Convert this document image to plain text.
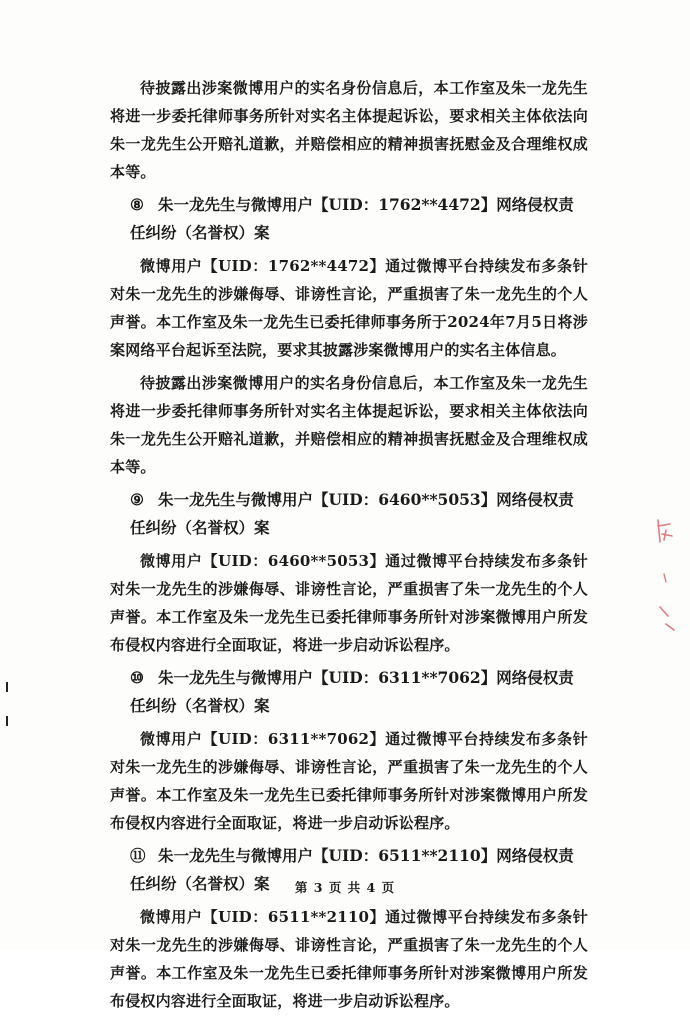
待披露出涉案微博用户的实名身份信息后，本工作室及朱一龙先生将进一步委托律师事务所针对实名主体提起诉讼，要求相关主体依法向朱一龙先生公开赔礼道歉，并赔偿相应的精神损害抚慰金及合理维权成本等。

⑧ 朱一龙先生与微博用户【UID：1762**4472】网络侵权责任纠纷（名誉权）案

微博用户【UID：1762**4472】通过微博平台持续发布多条针对朱一龙先生的涉嫌侮辱、诽谤性言论，严重损害了朱一龙先生的个人声誉。本工作室及朱一龙先生已委托律师事务所于2024年7月5日将涉案网络平台起诉至法院，要求其披露涉案微博用户的实名主体信息。

待披露出涉案微博用户的实名身份信息后，本工作室及朱一龙先生将进一步委托律师事务所针对实名主体提起诉讼，要求相关主体依法向朱一龙先生公开赔礼道歉，并赔偿相应的精神损害抚慰金及合理维权成本等。

⑨ 朱一龙先生与微博用户【UID：6460**5053】网络侵权责任纠纷（名誉权）案

微博用户【UID：6460**5053】通过微博平台持续发布多条针对朱一龙先生的涉嫌侮辱、诽谤性言论，严重损害了朱一龙先生的个人声誉。本工作室及朱一龙先生已委托律师事务所针对涉案微博用户所发布侵权内容进行全面取证，将进一步启动诉讼程序。

⑩ 朱一龙先生与微博用户【UID：6311**7062】网络侵权责任纠纷（名誉权）案

微博用户【UID：6311**7062】通过微博平台持续发布多条针对朱一龙先生的涉嫌侮辱、诽谤性言论，严重损害了朱一龙先生的个人声誉。本工作室及朱一龙先生已委托律师事务所针对涉案微博用户所发布侵权内容进行全面取证，将进一步启动诉讼程序。

⑪ 朱一龙先生与微博用户【UID：6511**2110】网络侵权责任纠纷（名誉权）案

微博用户【UID：6511**2110】通过微博平台持续发布多条针对朱一龙先生的涉嫌侮辱、诽谤性言论，严重损害了朱一龙先生的个人声誉。本工作室及朱一龙先生已委托律师事务所针对涉案微博用户所发布侵权内容进行全面取证，将进一步启动诉讼程序。

第 3 页 共 4 页
